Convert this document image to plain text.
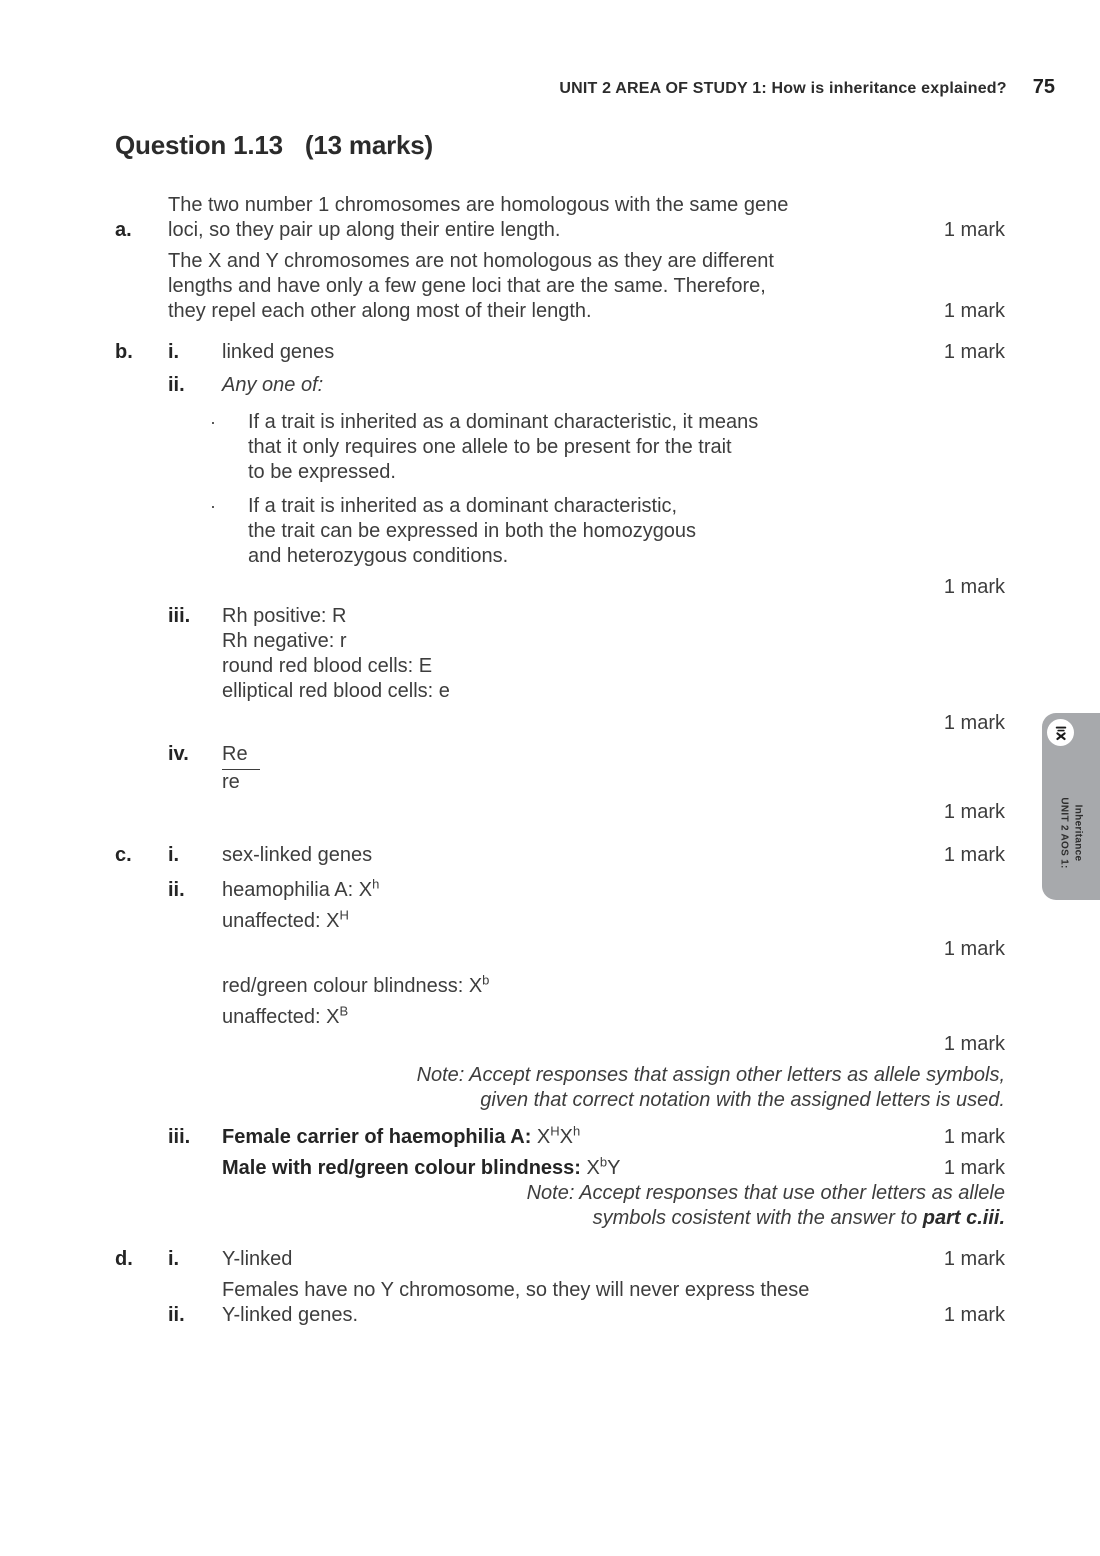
UNIT 2 AREA OF STUDY 1: How is inheritance explained? 75
Question 1.13 (13 marks)
a.
The two number 1 chromosomes are homologous with the same gene
loci, so they pair up along their entire length.	1 mark
The X and Y chromosomes are not homologous as they are different
lengths and have only a few gene loci that are the same. Therefore,
they repel each other along most of their length.	1 mark
b.	i.	linked genes	1 mark
ii.	Any one of:
·	If a trait is inherited as a dominant characteristic, it means
that it only requires one allele to be present for the trait
to be expressed.
·	If a trait is inherited as a dominant characteristic,
the trait can be expressed in both the homozygous
and heterozygous conditions.
1 mark
iii.	Rh positive: R
Rh negative: r
round red blood cells: E
elliptical red blood cells: e
1 mark
iv.	Re
re
1 mark
c.	i.	sex-linked genes	1 mark
ii.	heamophilia A: $X^h$
unaffected: $X^H$
1 mark
red/green colour blindness: $X^b$
unaffected: $X^B$
1 mark
Note: Accept responses that assign other letters as allele symbols,
given that correct notation with the assigned letters is used.
iii.	Female carrier of haemophilia A: $X^HX^h$	1 mark
Male with red/green colour blindness: $X^bY$	1 mark
Note: Accept responses that use other letters as allele
symbols cosistent with the answer to part c.iii.
d.	i.	Y-linked	1 mark
ii.
Females have no Y chromosome, so they will never express these
Y-linked genes.	1 mark
UNIT 2 AOS 1: Inheritance
